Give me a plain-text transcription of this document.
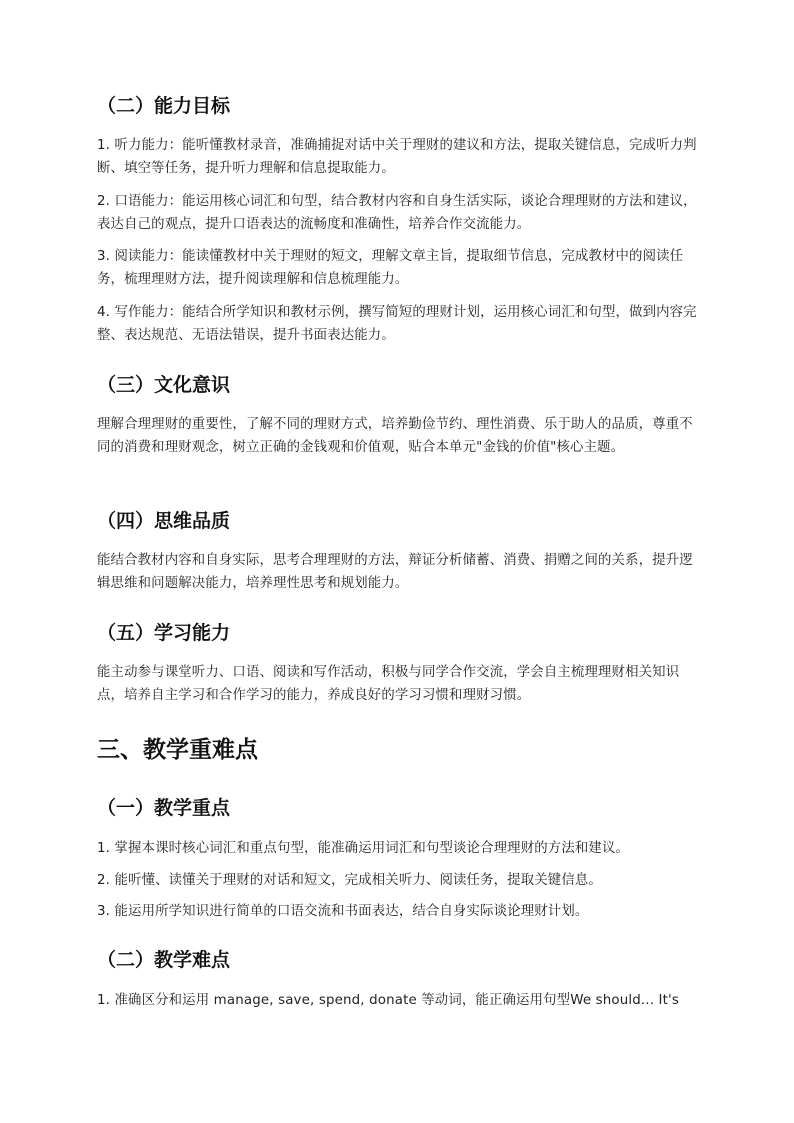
（二）能力目标
1. 听力能力：能听懂教材录音，准确捕捉对话中关于理财的建议和方法，提取关键信息，完成听力判断、填空等任务，提升听力理解和信息提取能力。
2. 口语能力：能运用核心词汇和句型，结合教材内容和自身生活实际，谈论合理理财的方法和建议，表达自己的观点，提升口语表达的流畅度和准确性，培养合作交流能力。
3. 阅读能力：能读懂教材中关于理财的短文，理解文章主旨，提取细节信息，完成教材中的阅读任务，梳理理财方法，提升阅读理解和信息梳理能力。
4. 写作能力：能结合所学知识和教材示例，撰写简短的理财计划，运用核心词汇和句型，做到内容完整、表达规范、无语法错误，提升书面表达能力。
（三）文化意识
理解合理理财的重要性，了解不同的理财方式，培养勤俭节约、理性消费、乐于助人的品质，尊重不同的消费和理财观念，树立正确的金钱观和价值观，贴合本单元"金钱的价值"核心主题。
（四）思维品质
能结合教材内容和自身实际，思考合理理财的方法，辩证分析储蓄、消费、捐赠之间的关系，提升逻辑思维和问题解决能力，培养理性思考和规划能力。
（五）学习能力
能主动参与课堂听力、口语、阅读和写作活动，积极与同学合作交流，学会自主梳理理财相关知识点，培养自主学习和合作学习的能力，养成良好的学习习惯和理财习惯。
三、教学重难点
（一）教学重点
1. 掌握本课时核心词汇和重点句型，能准确运用词汇和句型谈论合理理财的方法和建议。
2. 能听懂、读懂关于理财的对话和短文，完成相关听力、阅读任务，提取关键信息。
3. 能运用所学知识进行简单的口语交流和书面表达，结合自身实际谈论理财计划。
（二）教学难点
1. 准确区分和运用 manage, save, spend, donate 等动词，能正确运用句型We should... It's
